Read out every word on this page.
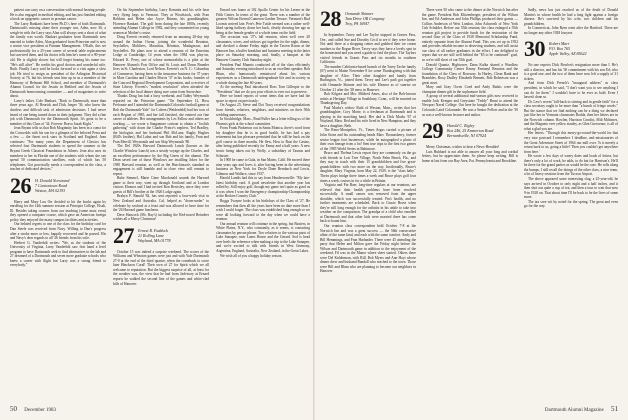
patient can carry on a conversation with normal hearing people. He is also engaged in medical editing, and has just finished editing a book on epigenetic cancer in prostate cancer.

The Larry Bankarts have been Ph.D.'s here of both Dartmouth. Dartmouth's missing alone their younger son, Aden, now 36, a weigh-in with the Larry says Alan will always sent a short of what the family was worth. Bankart graduates from Dartmouth now married to father Aden, Alan graduated from Princeton and is now a senior vice president at Putnam Management. O'Kalb, this set professionally for a 25-year career of several table replacements but survived them, and his doctor tells him he's some of a 90-year-old. He is slightly slower but will forget hearing his name too. "He's still alive". He credits his good doctors and wonderful wife, Ruth. Finally Larry said he looks forward to a visit again a slow job. He tried to resign as president of the Arlington Historical Society at 76, but his friends sent him up in as a member of the Harmony of Belmont Hill School, and member of Dartmouth's Alumni Council for the Jesuits in Bedford and the Jesuits of Dartmouth homecoming committee — and of magazines to write about.

Larry's father, Cole Bankart, "Back to Dartmouth, more than three years ago. Al Rearick and Dick Jaeger '36, who knew the ductless and difficult task of admission decisions. I had never heard of one being turned down in their judgment. They did a fine job with Dartmouth for the Dartmouth Spirit. It's great to be a member of this Class of '34. Forever. Bravo Jazah Kight."

Jean Bryant tells us that Bob Moginnity has been in a coma for the Cotswolds with his son for a glimpse of the beloved Perra and a few — the finest rock stars in Scotland and England. Jean continues: "For many years the Department of Classics has selected four Dartmouth students to spend the summer at the Bryant Greek Classical Foundation in Athens. Jean also uses its members to her in Florida one of the students with whom she can spend 50 communication satellites, each of which has 50 telephones. Got practically needs a correspondent in the class, a teacher of dedicated devices."

26 H. Donald Norstrand
7 Cantontown Road
Weston, MA 02193

Harry and Mary Lou Orr decided to hit the books again by enrolling for the 14th summer session at Principia College, Elsah, Ill. Besides taking courses from our teaching (some must even) they opened a computer course, which gave an American foreign policy they enjoyed the many campus facilities and activities.

Our belated regrets to one of the class for the birthday card for Dan Steele was received from Navy. Willing to Dan's progress after a stroke more or less, happily recovered and he passed. His and Navy's dear regards to all '26 friends from his wife.

Herbert G. Vanderbilt writes: "We, as the students of the University of Virginia, Larry Vanderbilt saw first hand a level program to have Dartmouth seek to find alternatives to the lab and 27 dreamed of a Dartmouth and seven more graduate schools who knew a career with flight but Larry was a strong friend to everybody."

On his September birthday, Larry Kemnitz and his wife hear very flying kegs to Vermont. They at Woodstock, with Fran Robbins and Helen also Joyce Brimm, his granddaughter, Florence Bankart. The golf from during the late 1800s, recently attending Alumni College in 1982, and they commented on young women at Mother's cruise.

Doug Everett recently returned from an amazing 20-day trip around the Indian Ocean, joining the wonderful Reunion, Seychelles, Maldives, Mauritius, Réunion, Madagascar, and Seychelles. He plans now to attend a reunion of the Emeritus Ledge at Cambridge, 14 years when the 1984 was play-on, Edward K. Perry, one of whose memorabilia is a pilot at the Hanover Alumni's Post Office and St. Louis and Dawn Brander lives in St. Charleston, Lord Nelson. Everett's on N. C.: Columbus of Commerce, having been to the insurance business for 37 years in Mars Carolina and Charles Morris '37 in his books; founder of the Concord Regional Development Corporation, and a receiver of State Liberty. Everett's "modest resolution" when attended the selection of the local dinner dying sure came from Snowshoe.

Thanks Doug has had a busy weekend, and Tubby Weymouth reported on the Princeton game. "On September 12, Hoss Perfonzie and I attended the Dartmouth/Colorado football game at Bob the Dartmouth-Yale" for Coleen (Weidenfeld) had her tour of each Region of 1985, and her fall finished, she entered our fine career of athletes. Her arrangements by Les Fallow and others are working — we wrote a Snagamore cartoon to obtain a "foolish gathering" with down the Charlie Prince's nephew, Ted Bradley, the biologists and her husband Phil McLane, Rugby Hughes (Bill's brother), Hal Labut and son Bob and his family, Fran and Fran Merrill, Weymouth and son Skip Weymouth '80.

The Del 1920s Harvard Dartmouth Lunch (known as the Charlie Winslow Lunch) was a steady voyage up the Charles, and an excellent performance by the Big Green of the alumni. The Dean saved one of those Winslows are instilling Jokes for the 1985 Harvard reunion, as well as the Hutchinson's standard as engagement is still humble and in close view will remain to repeat.

Rube Simmel, Marie Cime Macdonald sounds the Harvard game to their way, went up through Scotland and at London visitors Eleanor and I had invited Ron Bewisley, since they were guests of Bill's brother at the 1926 Lodge again.

Brabyn F. Ranald '82, has sent reported a four-week visit in New Zealand and Australia. Cal, helped as "down-under" to celebrate by seafood at a feast and was allowed to have time for the '26 Harvard game luncheon.

Dave Hancock (Mr. Ray's) including the Red-nosed Reindeer wishes all a Merry Christmas!

27 Ernest R. Fuddock
21 Rolling Lane
Wayland, MA 01778

October 15 was indeed a surprise weekend. The scores of the Williams and Wheaton games were just and with Yale Dartmouth 27-0 at the end of the third quarter, when the comeback to score later Hinckson Coral! Their own of 27 for Spirit which we all welcome to reputation. But the biggest surprise of all, at least for the weather was, the view that he had from Jadvisory at Ernard reports he walked the second line of the games and white-clad hills of Hanover.

Ernard was home at 102 Apollo Center for his Lerner in the Fifth Center. In terms of the great. There was a number of the greatest Wilson Eternal Cameron Garden Terrace. Vermont's Bud Loomis arrived late. Pete's Pete Tuttle seemed was a rather well-liked spring halfway down her back, clearly showing her age as being at the female gender of a whole team on the field.

The occasion was '27's fall reunion, when well over 20 classmates, wives, and widows got together for the night, dinner, and checked a dinner Friday night in the Tavern Room at the Hanover Inn, a buffet breakfast and business meeting in the latter place on Saturday morning, and, finally, a banquet at the Hanover Country Club Saturday night.

President Paul Mannix conducted all of the class efficiently and Saturday evening introduced to us an excellent speaker, Bob Blum, who humorously reminisced about his various experiences as a Dartmouth undergraduate life and in society as a whole during the late 60 years.

At the meeting Paul introduced Ross Tom Gillespie to the "Presidents" that we do you your efforts to ever not to preserve.

Here we heard reports of some items that we have had the space to report on previously:

On August 25, Steve and Dot Tracy received congratulations from friends, relatives, neighbors, and ministers on their 50th wedding anniversary.

In Stockbridge, Mass., Brad Fuller has a letter telling us of the Phoenix girls at the school committee.

From Frank Pinkerton out in Santa Monica, there's word from his daughter that he is in good health, he has had a pay retirement but has pleasure permitted that he still be back on the golf course in three months. He flew, How to Bust the Casino, after being published recently for Fanny and a half years. A new ironic being taken out by Wolfy, a subsidiary of Taunus and Schuster.

In 1900 he came to Gala, in San Mateo, Calif. He moved there nine years ago and loves it, after having been in the advertising business in New York for Doyle Dane Bernbach and Lewis, Gilmour and Wallace, since 1937.

Harold Landis had this to say from Hendersonville: "My late-latest birthday card. A good newsletter that another year has rolled by. Still enjoy golf, though my game isn't quite as good as it was when I won the Emergency championship-Championship at the Broken Country Club."

Boggs Twayne looks at his birthdays of the Class of '27. He remembers that then all the years have been no date more than I wish I could forget. The class was established long enough so we were all looking forward to the day when we could have a reunion.

Our annual reunion will continue in the spring, but Baxters, in White Plains, N.Y., who constantly, as it seems, is contacting classmates by person phone. Two relatives to the various parts of Lake Sunapee, near Lanes House and the Gerard. Sod is head over heels the reference when making a trip to the Lake Sunapee, and we're excited to talk with friends in West Germany, Argentina, England, Australia, New Zealand, in the Great Lakes.

We wish all of you a happy holiday season.

50 December 1983
28 Ormande Skinner
Tam Drive OR Company
Troy, PA 16947

In September, Tavey and Lee Taylor stopped in Graves Pass, Ore., and called Sue and Dorothy Cecil to see if they were home. Not until there at a shopping center and grabbed their ice cream sundaes to the Rogue River. Tavey says they have a lovely spot in the homestead and you need a guide to find the place. The Taylors visited friends in Grants Pass and six months in southern California.

The number California-based branch of the Tavey Tavler family (0?) went to Maine November 8 for some Thanksgiving with that daughter of Alice. Their other daughter and family from Burlington, Vt., joined them. Tavey and Lee's path got together with Ormande Skinner and his wife Eleanor as of sunrise on October 21 after the '28 mess in Hanover.

Bob Kilgore and Mrs. Mildred Ames, also of the Bob-known artists at Heritage Village in Southbury, Conn., will be married on Thanksgiving Day.

Paul Marks's widow Ruth of Weston, Mass., writes that her granddaughter, Cory Marie, is a freshman at Dartmouth and is playing in the marching band. Her dad is Dick Marks '67 of Wayland, Mass. Red and his wife lived in New Hampton, and they have a daughter, Beth.

The Reno-Montpelier, Vt., Times Argus carried a picture of John Stone and his outstanding heads Marc Thomasberry, former senior league foot businesses, while he autographed a photo of their own lineage from a lot! Sent true trips to the first two games of the 1985 World Series in Baltimore.

Bruce and Thelma Lewis report they are commonly on the go with friends in Lost Tree Village, North Palm Beach, Fla., and they stay in touch with their 15 grandchildren and five great-grandchildren: with two more on the way. Incidentally, Bruce's daughter, Mary Virginia, born May 22, 1929, is the "class baby." Theirs plays bridge three times a week and Bruce plays golf four times a week, cruises in for a while in Britain.

Virginia and Fin Baer, long-time regulars at our reunions, are relieved that their health problems have been resolved successfully. A small cancer was removed from the upper shoulder, which was successfully treated. Fin's health, and no further treatments are scheduled. Back to Gracie Horse when they're still long enough for the arthritis in his ankle to take into weather on the comparison. The grandpa of a child who enrolled at Dartmouth and that other kids were married there has come back to haunt him.

Our reunion class correspondent held October 7-8 at the Norwich Inn and was a great success — the 56th consecutive affair of the same kind, and each with the same comfort. Andy and Bill Hemmings, and Fran Harlander. There were 45 attending the party that Helen and Milton gave the Friday night before the Wilson and Dartmouth game in addition to the enjoyment of the weekend, Fil was in the Manor where sheet started. Others there were Del Kidderman, with Bill, Bob Myers and Ann Hoyt whose dinner drew and husband Randall who reached to the town. Those were Bill and Blum who are planning to become our neighbors in Hanover.

There were 50 who came to the dinner at the Norwich Inn after the game. President Bob Klitzenberger, president of the Wilson Inn, and Ed Anderson and John Phillips produced their grants — Collins Anderson of West London, John Ashworth of New York Cub Schulder. Before our 55th reunion, the class enlarged a 55th reunion gift project to provide funds for the restoration of the second floor of the Class of 1928 Memorial Scholarship Fund, entirely separate from the Alumni Fund. This was set up in 1952 and provides reliable income to deserving students, and will assist our class of all earlier graduates in the effort. I am delighted to report that we are still well behind the "$5 to be continued" goal, so we're still short of our 55th goal.

Donald Quantz, Hightower, Dana Kafka shared a Wardlow College Community Center Kenny Fentanyl Reunion and the foundation of the Class of Roseway. In Harley, Clean Bank and Brambles, Roxy Dudley Elisabeth Bennett, Bob Robertson was a great asset.

Mary and Gray Owen Coed and Andy Raikis were the champion dinner gift in the sophomore field.

A group of several additional mid-season gifts now received to enable Jack Kemper and Greystone "Teddy" Bruni to attend the Newport Naval College. Out here he bought the dedication at the Colorado Laird Colonnade. He was a Senior Fellow and in the '30 as was a well-known lecturer and author.

29 Harold C. Rigley
Box 246, 25 Emmerton Road
Bernardsville, NJ 07924

Merry Christmas, wishes to hear a News-Heralder!

Luis Hubbard is not able to answer all your long and cordial letters, but he appreciates them. So please keep writing. Bill is home at last from our Bay Area, Pat. Pennsylvania and Brookline.

Sadly, news has just reached us of the death of Donald Martin's in whose health he had a long fight against a foreign disease. He's survived by his wife, two children and his grandchildren.

In Connecticut, John Ryen went after the Hartford. There are no longer any other 1928 lawyers.

30 Robert Marr
P.O. Box 765
Apple Valley, AZ 85622

No one expects Dick Bowlen's resignation more than I. He's still a director, and has his '30 commitment with his son Ed; who is a good one, and the two of them have now left a supply of 31 tickets.

And from Dick French's "inaugural address" as class president, in which he said, "I don't want you to see anything I can do for them." I wouldn't have to be ever as bold. Even I haven't done so.

Dr. Lew's recent "fall-back to stirring and in gentle faith" for a class secretary ought to be more than "a bunch of fringe words." But the stance that we find nothing can be a thing we declared just like her in Vermont classmates Rodda, then her letters are in the Norwich column. Bowlen, Harrison Condict, Milt Mchimes, and the Magneto ever yellow stanley, as Glen Grosvenor, is all of what a glad you are.

Her letters: "Through this merry-go-round-the-world for that very nice postcard I remember. I deadline, and missionaries of the Great Adventure Street of 1964 our mill over. 'Is it merely a return back to us, going a little? Then you couldn't get anywhere from here.'

He wrote a few days of weary dates and loads of letters, but there's only a lot of work, he adds, to do but for Harrison's. He'll be there for the grand parties as would be the case. He rolls along the bumps, I still recall the doings of the other class, a nice team, a lot of heavy sessions from the Tucson Airport.

The above appeared some interesting slug, a 25-year-old, he says arrived in October to only night and a half inches, and it then shot out quite a cup of tea, and then a tour to wait that now 9-in 1928 on. That about time I'll be back to be the lives of some more.

The tax sore wit by noted for the spring. The great and even go for the way.

Dartmouth Alumni Magazine 51
